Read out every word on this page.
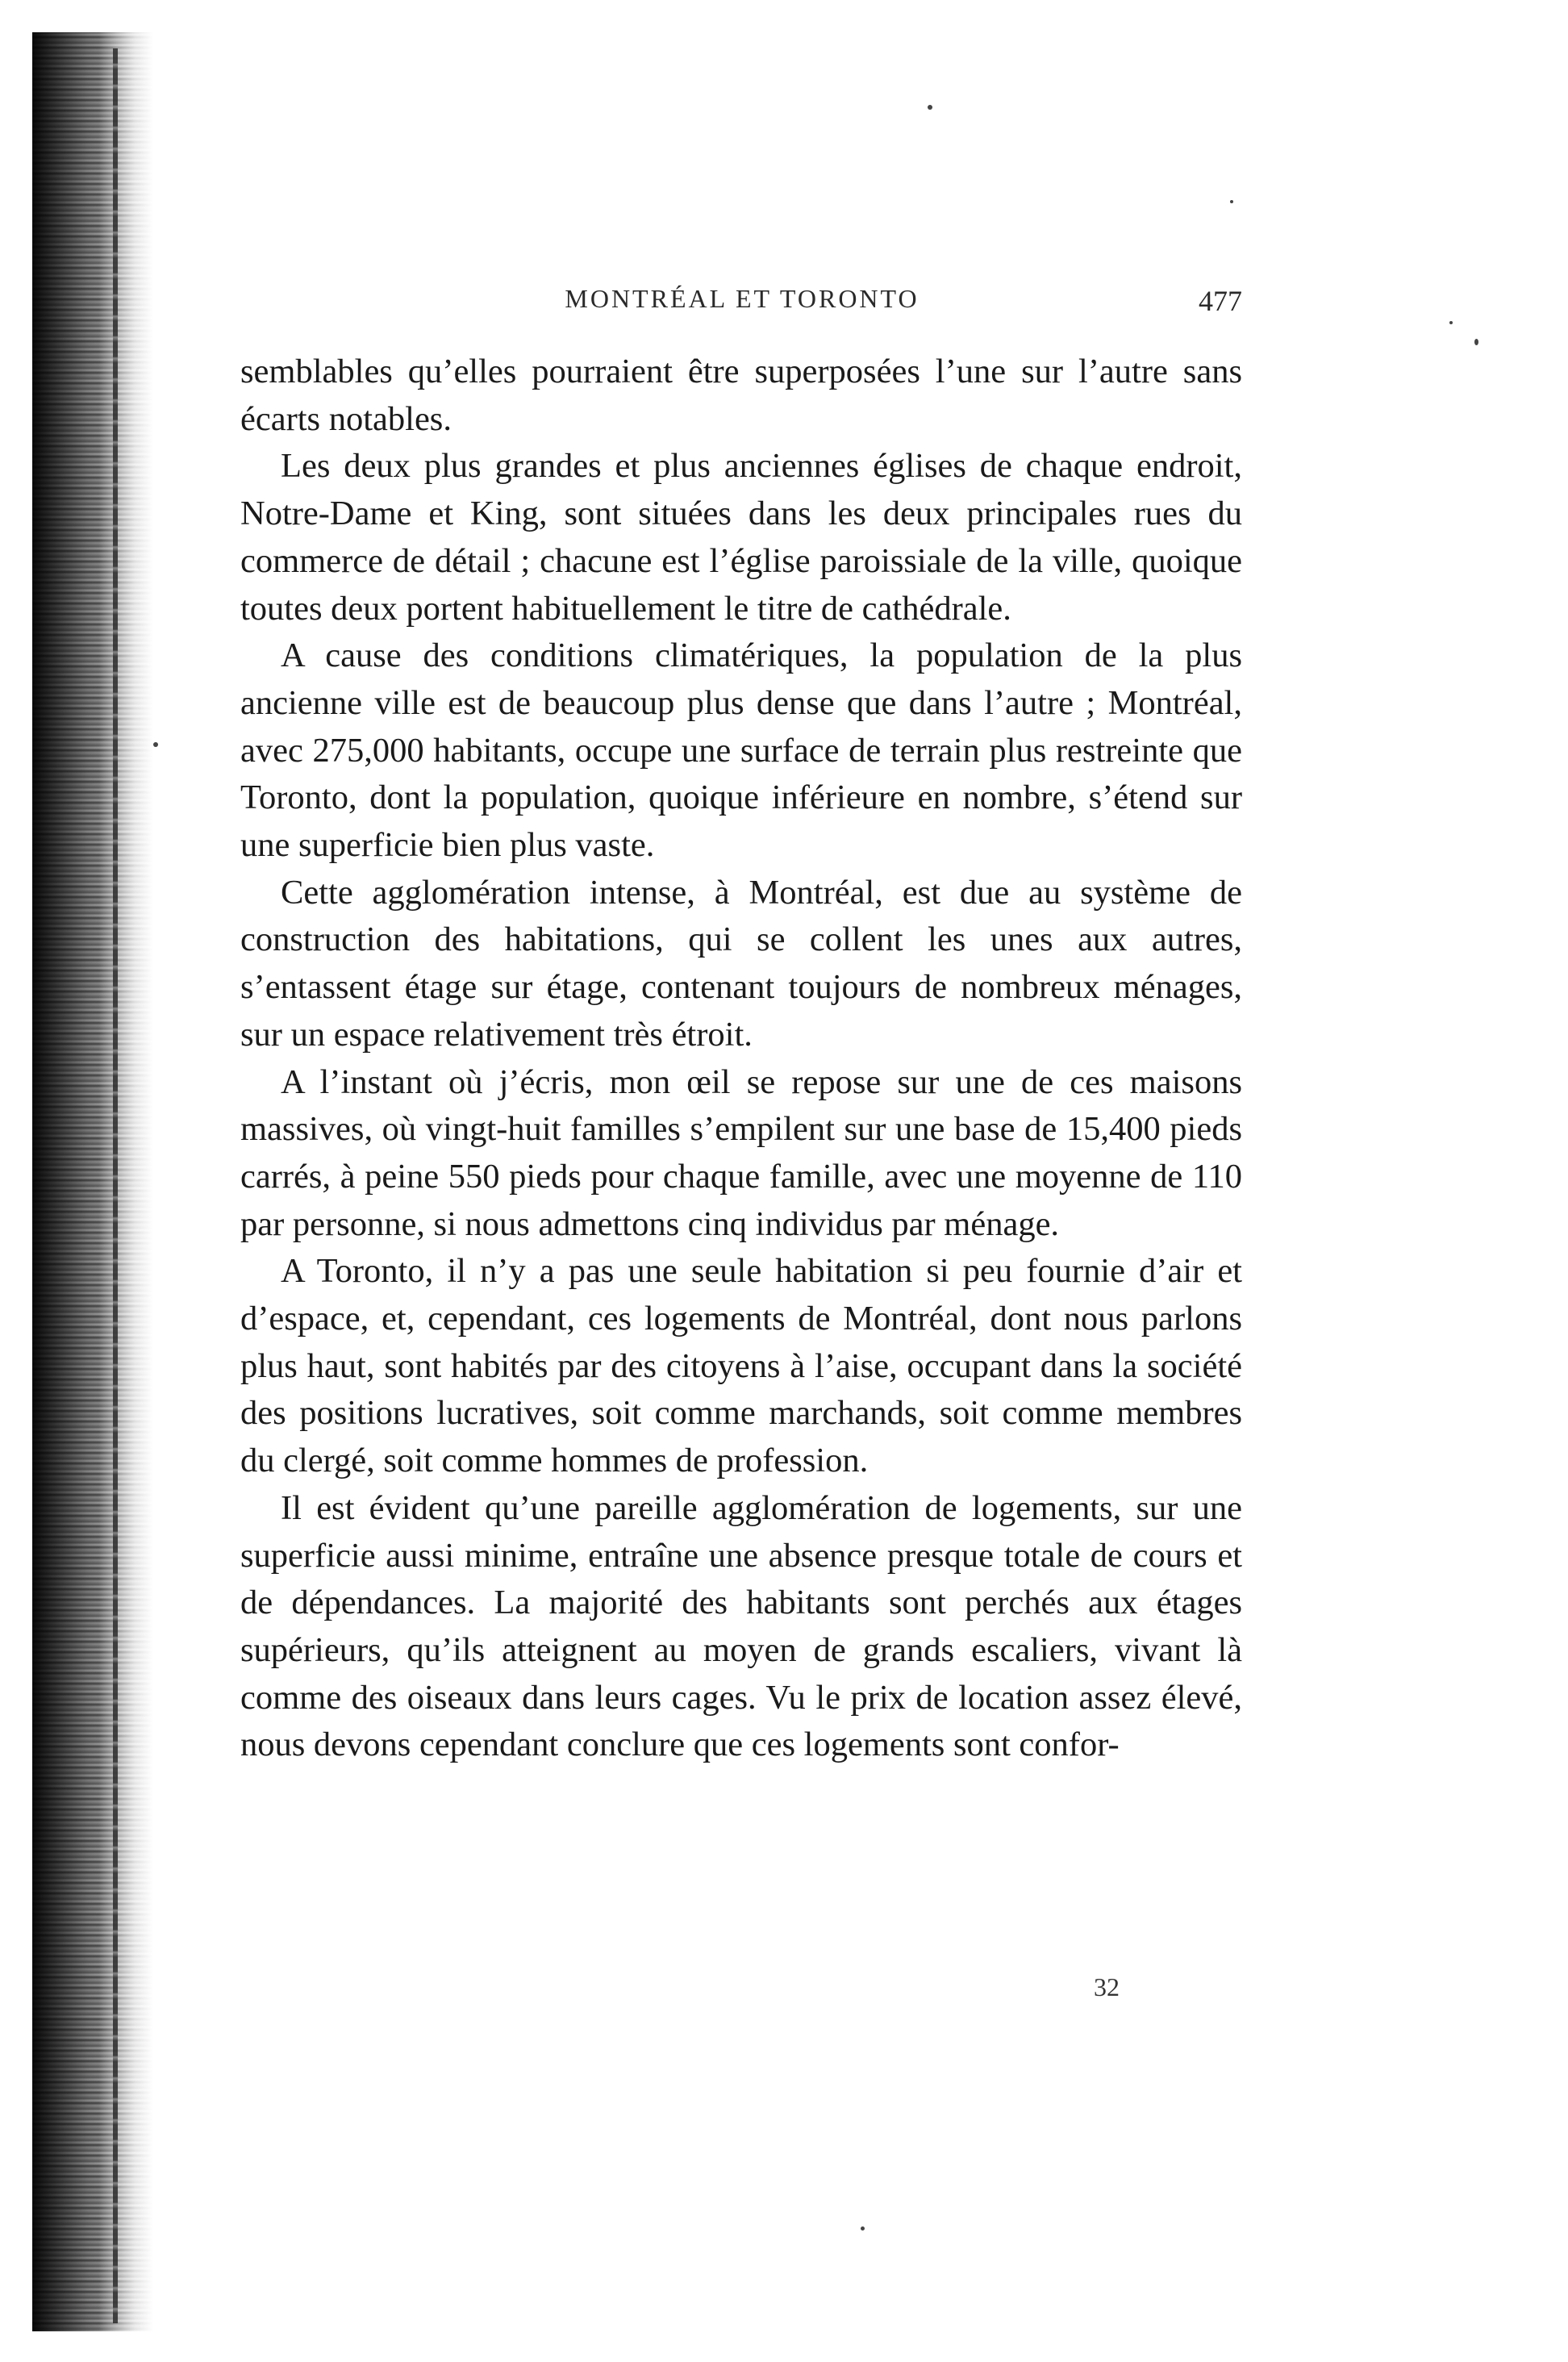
MONTRÉAL ET TORONTO	477

semblables qu’elles pourraient être superposées l’une sur l’autre sans écarts notables.

Les deux plus grandes et plus anciennes églises de chaque endroit, Notre-Dame et King, sont situées dans les deux principales rues du commerce de détail ; chacune est l’église paroissiale de la ville, quoique toutes deux portent habituellement le titre de cathédrale.

A cause des conditions climatériques, la population de la plus ancienne ville est de beaucoup plus dense que dans l’autre ; Montréal, avec 275,000 habitants, occupe une surface de terrain plus restreinte que Toronto, dont la population, quoique inférieure en nombre, s’étend sur une superficie bien plus vaste.

Cette agglomération intense, à Montréal, est due au système de construction des habitations, qui se collent les unes aux autres, s’entassent étage sur étage, contenant toujours de nombreux ménages, sur un espace relativement très étroit.

A l’instant où j’écris, mon œil se repose sur une de ces maisons massives, où vingt-huit familles s’empilent sur une base de 15,400 pieds carrés, à peine 550 pieds pour chaque famille, avec une moyenne de 110 par personne, si nous admettons cinq individus par ménage.

A Toronto, il n’y a pas une seule habitation si peu fournie d’air et d’espace, et, cependant, ces logements de Montréal, dont nous parlons plus haut, sont habités par des citoyens à l’aise, occupant dans la société des positions lucratives, soit comme marchands, soit comme membres du clergé, soit comme hommes de profession.

Il est évident qu’une pareille agglomération de logements, sur une superficie aussi minime, entraîne une absence presque totale de cours et de dépendances. La majorité des habitants sont perchés aux étages supérieurs, qu’ils atteignent au moyen de grands escaliers, vivant là comme des oiseaux dans leurs cages. Vu le prix de location assez élevé, nous devons cependant conclure que ces logements sont confor-

32
